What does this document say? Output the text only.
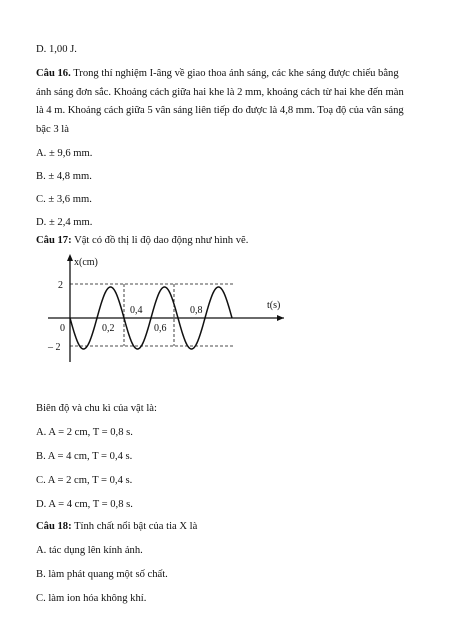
D. 1,00 J.
Câu 16. Trong thí nghiệm I-âng về giao thoa ánh sáng, các khe sáng được chiếu bằng
ánh sáng đơn sắc. Khoảng cách giữa hai khe là 2 mm, khoảng cách từ hai khe đến màn
là 4 m. Khoảng cách giữa 5 vân sáng liên tiếp đo được là 4,8 mm. Toạ độ của vân sáng
bậc 3 là
A. ± 9,6 mm.
B. ± 4,8 mm.
C. ± 3,6 mm.
D. ± 2,4 mm.
Câu 17: Vật có đồ thị li độ dao động như hình vẽ.
Biên độ và chu kì của vật là:
A. A = 2 cm, T = 0,8 s.
B. A = 4 cm, T = 0,4 s.
C. A = 2 cm, T = 0,4 s.
D. A = 4 cm, T = 0,8 s.
Câu 18: Tính chất nổi bật của tia X là
A. tác dụng lên kính ảnh.
B. làm phát quang một số chất.
C. làm ion hóa không khí.
x(cm)
t(s)
2
– 2
0	0,2
0,4
0,6
0,8
